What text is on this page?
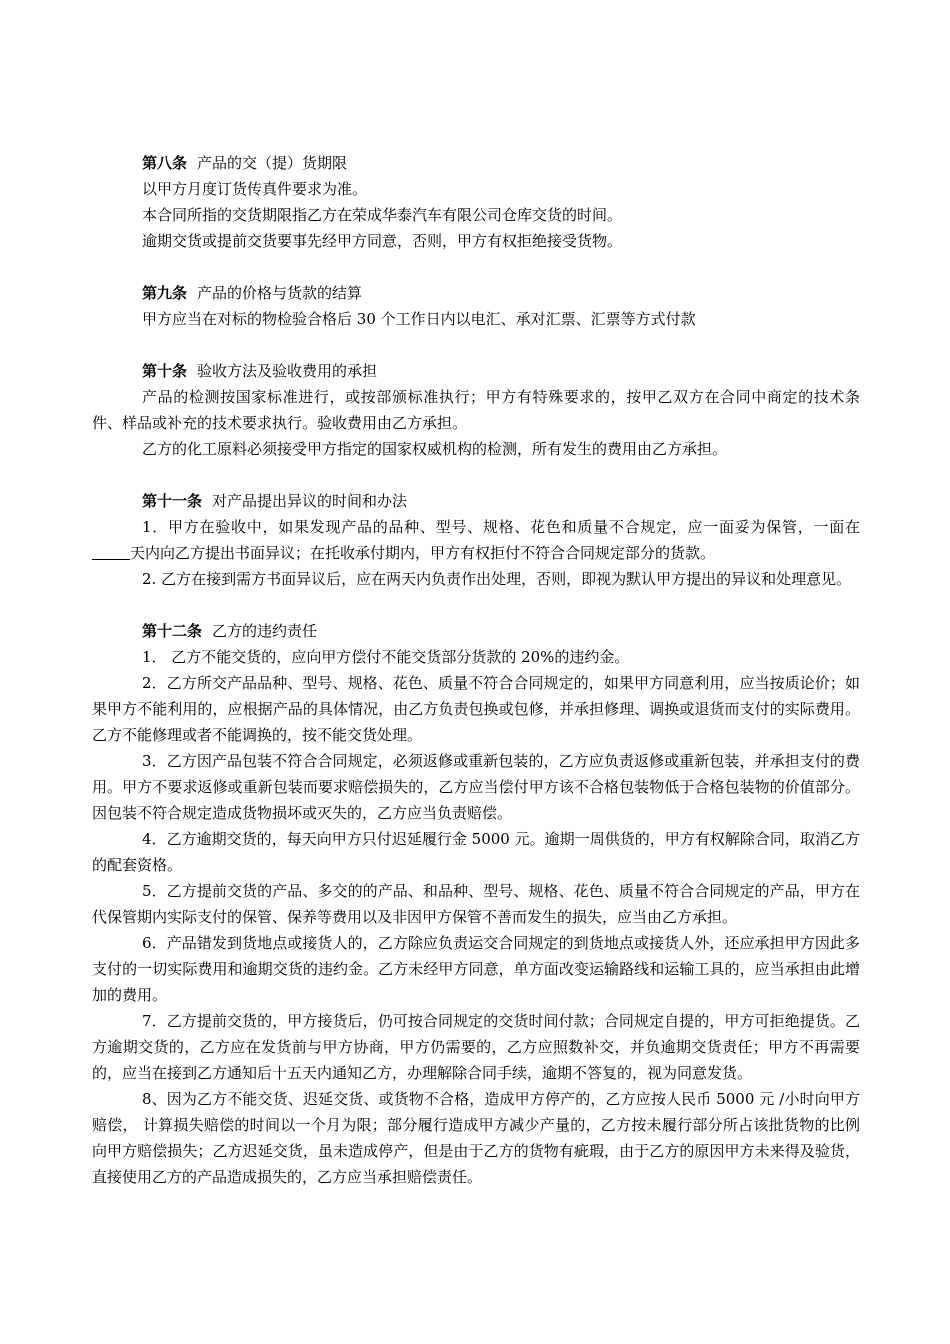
第八条 产品的交（提）货期限
以甲方月度订货传真件要求为准。
本合同所指的交货期限指乙方在荣成华泰汽车有限公司仓库交货的时间。
逾期交货或提前交货要事先经甲方同意，否则，甲方有权拒绝接受货物。
第九条 产品的价格与货款的结算
甲方应当在对标的物检验合格后 30 个工作日内以电汇、承对汇票、汇票等方式付款
第十条 验收方法及验收费用的承担
产品的检测按国家标准进行，或按部颁标准执行；甲方有特殊要求的，按甲乙双方在合同中商定的技术条件、样品或补充的技术要求执行。验收费用由乙方承担。
乙方的化工原料必须接受甲方指定的国家权威机构的检测，所有发生的费用由乙方承担。
第十一条 对产品提出异议的时间和办法
1．甲方在验收中，如果发现产品的品种、型号、规格、花色和质量不合规定，应一面妥为保管，一面在天内向乙方提出书面异议；在托收承付期内，甲方有权拒付不符合合同规定部分的货款。
2. 乙方在接到需方书面异议后，应在两天内负责作出处理，否则，即视为默认甲方提出的异议和处理意见。
第十二条 乙方的违约责任
1． 乙方不能交货的，应向甲方偿付不能交货部分货款的 20%的违约金。
2．乙方所交产品品种、型号、规格、花色、质量不符合合同规定的，如果甲方同意利用，应当按质论价；如果甲方不能利用的，应根据产品的具体情况，由乙方负责包换或包修，并承担修理、调换或退货而支付的实际费用。乙方不能修理或者不能调换的，按不能交货处理。
3．乙方因产品包装不符合合同规定，必须返修或重新包装的，乙方应负责返修或重新包装，并承担支付的费用。甲方不要求返修或重新包装而要求赔偿损失的，乙方应当偿付甲方该不合格包装物低于合格包装物的价值部分。因包装不符合规定造成货物损坏或灭失的，乙方应当负责赔偿。
4．乙方逾期交货的，每天向甲方只付迟延履行金 5000 元。逾期一周供货的，甲方有权解除合同，取消乙方的配套资格。
5．乙方提前交货的产品、多交的的产品、和品种、型号、规格、花色、质量不符合合同规定的产品，甲方在代保管期内实际支付的保管、保养等费用以及非因甲方保管不善而发生的损失，应当由乙方承担。
6．产品错发到货地点或接货人的，乙方除应负责运交合同规定的到货地点或接货人外，还应承担甲方因此多支付的一切实际费用和逾期交货的违约金。乙方未经甲方同意，单方面改变运输路线和运输工具的，应当承担由此增加的费用。
7．乙方提前交货的，甲方接货后，仍可按合同规定的交货时间付款；合同规定自提的，甲方可拒绝提货。乙方逾期交货的，乙方应在发货前与甲方协商，甲方仍需要的，乙方应照数补交，并负逾期交货责任；甲方不再需要的，应当在接到乙方通知后十五天内通知乙方，办理解除合同手续，逾期不答复的，视为同意发货。
8、因为乙方不能交货、迟延交货、或货物不合格，造成甲方停产的，乙方应按人民币 5000 元 /小时向甲方赔偿， 计算损失赔偿的时间以一个月为限；部分履行造成甲方减少产量的，乙方按未履行部分所占该批货物的比例向甲方赔偿损失；乙方迟延交货，虽未造成停产，但是由于乙方的货物有疵瑕，由于乙方的原因甲方未来得及验货，直接使用乙方的产品造成损失的，乙方应当承担赔偿责任。
